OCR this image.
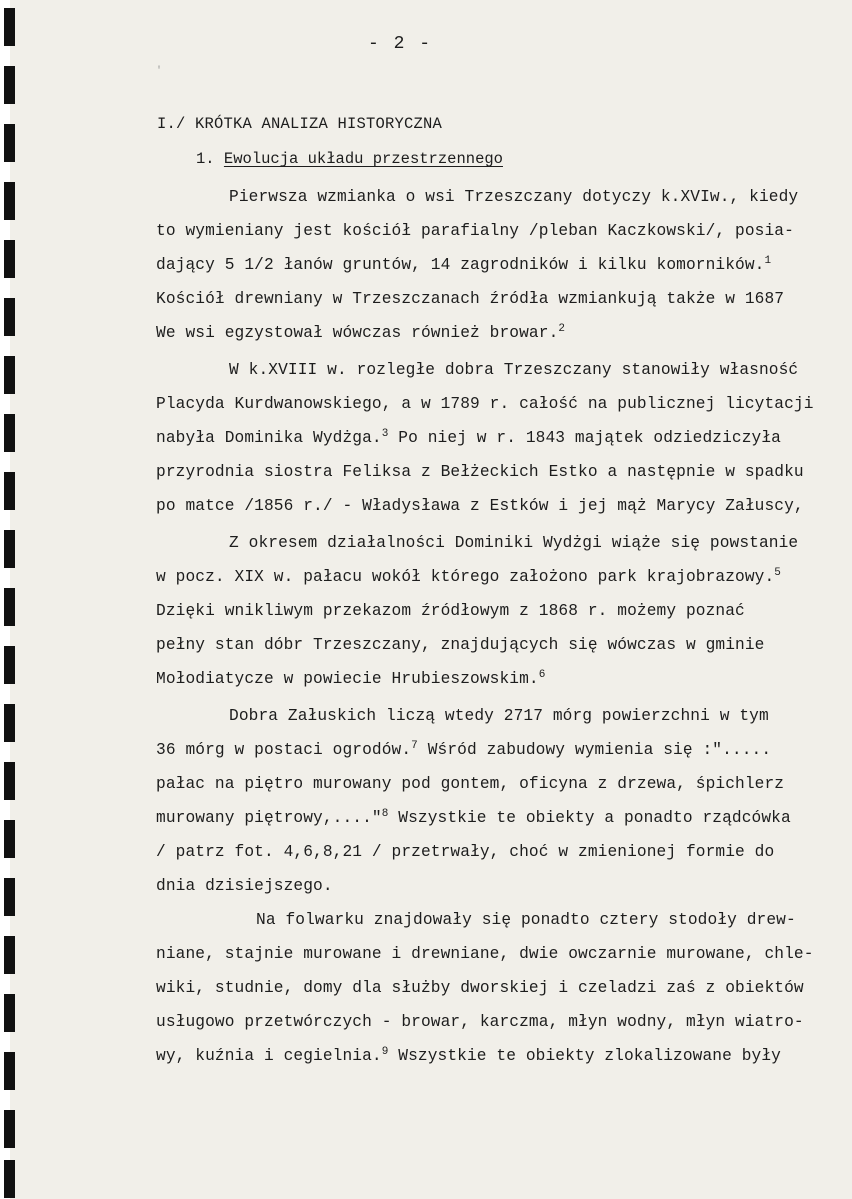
- 2 -
'
I./ KRÓTKA ANALIZA HISTORYCZNA
1. Ewolucja układu przestrzennego
Pierwsza wzmianka o wsi Trzeszczany dotyczy k.XVIw., kiedy
to wymieniany jest kościół parafialny /pleban Kaczkowski/, posia-
dający 5 1/2 łanów gruntów, 14 zagrodników i kilku komorników.$^1$
Kościół drewniany w Trzeszczanach źródła wzmiankują także w 1687
We wsi egzystował wówczas również browar.$^2$
W k.XVIII w. rozległe dobra Trzeszczany stanowiły własność
Placyda Kurdwanowskiego, a w 1789 r. całość na publicznej licytacji
nabyła Dominika Wydżga.$^3$ Po niej w r. 1843 majątek odziedziczyła
przyrodnia siostra Feliksa z Bełżeckich Estko a następnie w spadku
po matce /1856 r./ - Władysława z Estków i jej mąż Marycy Załuscy,
Z okresem działalności Dominiki Wydżgi wiąże się powstanie
w pocz. XIX w. pałacu wokół którego założono park krajobrazowy.$^5$
Dzięki wnikliwym przekazom źródłowym z 1868 r. możemy poznać
pełny stan dóbr Trzeszczany, znajdujących się wówczas w gminie
Mołodiatycze w powiecie Hrubieszowskim.$^6$
Dobra Załuskich liczą wtedy 2717 mórg powierzchni w tym
36 mórg w postaci ogrodów.$^7$ Wśród zabudowy wymienia się :".....
pałac na piętro murowany pod gontem, oficyna z drzewa, śpichlerz
murowany piętrowy,...."$^8$ Wszystkie te obiekty a ponadto rządcówka
/ patrz fot. 4,6,8,21 / przetrwały, choć w zmienionej formie do
dnia dzisiejszego.
Na folwarku znajdowały się ponadto cztery stodoły drew-
niane, stajnie murowane i drewniane, dwie owczarnie murowane, chle-
wiki, studnie, domy dla służby dworskiej i czeladzi zaś z obiektów
usługowo przetwórczych - browar, karczma, młyn wodny, młyn wiatro-
wy, kuźnia i cegielnia.$^9$ Wszystkie te obiekty zlokalizowane były
